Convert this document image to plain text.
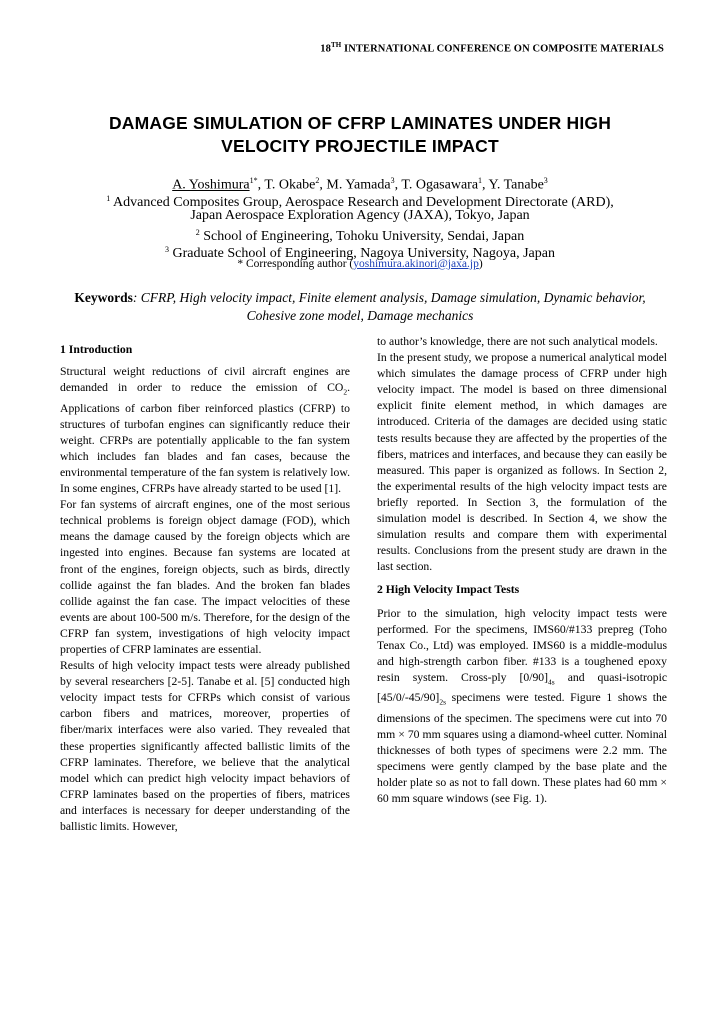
18TH INTERNATIONAL CONFERENCE ON COMPOSITE MATERIALS
DAMAGE SIMULATION OF CFRP LAMINATES UNDER HIGH
VELOCITY PROJECTILE IMPACT
A. Yoshimura$^{1*}$, T. Okabe$^2$, M. Yamada$^3$, T. Ogasawara$^1$, Y. Tanabe$^3$
$^1$ Advanced Composites Group, Aerospace Research and Development Directorate (ARD),
Japan Aerospace Exploration Agency (JAXA), Tokyo, Japan
$^2$ School of Engineering, Tohoku University, Sendai, Japan
$^3$ Graduate School of Engineering, Nagoya University, Nagoya, Japan
* Corresponding author (yoshimura.akinori@jaxa.jp)
Keywords: CFRP, High velocity impact, Finite element analysis, Damage simulation, Dynamic behavior, Cohesive zone model, Damage mechanics
1 Introduction

Structural weight reductions of civil aircraft engines are demanded in order to reduce the emission of $CO_2$. Applications of carbon fiber reinforced plastics (CFRP) to structures of turbofan engines can significantly reduce their weight. CFRPs are potentially applicable to the fan system which includes fan blades and fan cases, because the environmental temperature of the fan system is relatively low. In some engines, CFRPs have already started to be used [1].

For fan systems of aircraft engines, one of the most serious technical problems is foreign object damage (FOD), which means the damage caused by the foreign objects which are ingested into engines. Because fan systems are located at front of the engines, foreign objects, such as birds, directly collide against the fan blades. And the broken fan blades collide against the fan case. The impact velocities of these events are about 100-500 m/s. Therefore, for the design of the CFRP fan system, investigations of high velocity impact properties of CFRP laminates are essential.

Results of high velocity impact tests were already published by several researchers [2-5]. Tanabe et al. [5] conducted high velocity impact tests for CFRPs which consist of various carbon fibers and matrices, moreover, properties of fiber/marix interfaces were also varied. They revealed that these properties significantly affected ballistic limits of the CFRP laminates. Therefore, we believe that the analytical model which can predict high velocity impact behaviors of CFRP laminates based on the properties of fibers, matrices and interfaces is necessary for deeper understanding of the ballistic limits. However,

to author’s knowledge, there are not such analytical models.

In the present study, we propose a numerical analytical model which simulates the damage process of CFRP under high velocity impact. The model is based on three dimensional explicit finite element method, in which damages are introduced. Criteria of the damages are decided using static tests results because they are affected by the properties of the fibers, matrices and interfaces, and because they can easily be measured. This paper is organized as follows. In Section 2, the experimental results of the high velocity impact tests are briefly reported. In Section 3, the formulation of the simulation model is described. In Section 4, we show the simulation results and compare them with experimental results. Conclusions from the present study are drawn in the last section.

2 High Velocity Impact Tests

Prior to the simulation, high velocity impact tests were performed. For the specimens, IMS60/#133 prepreg (Toho Tenax Co., Ltd) was employed. IMS60 is a middle-modulus and high-strength carbon fiber. #133 is a toughened epoxy resin system. Cross-ply $[0/90]_{4s}$ and quasi-isotropic $[45/0/-45/90]_{2s}$ specimens were tested. Figure 1 shows the dimensions of the specimen. The specimens were cut into 70 mm × 70 mm squares using a diamond-wheel cutter. Nominal thicknesses of both types of specimens were 2.2 mm. The specimens were gently clamped by the base plate and the holder plate so as not to fall down. These plates had 60 mm × 60 mm square windows (see Fig. 1).
